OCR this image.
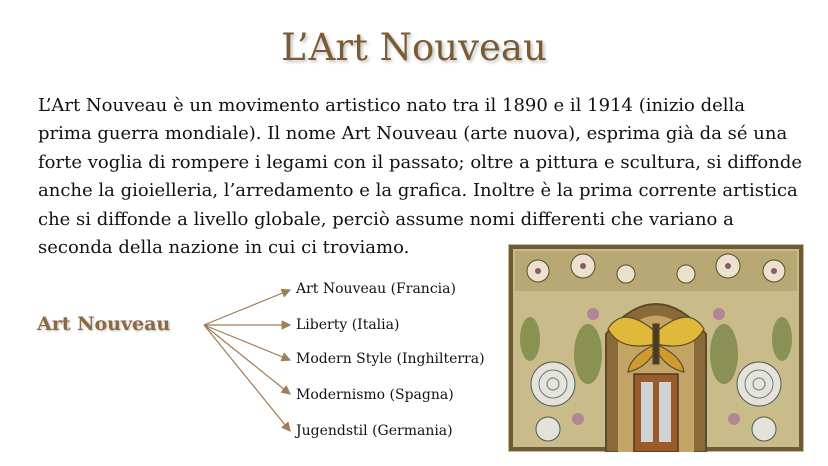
L’Art Nouveau
L’Art Nouveau è un movimento artistico nato tra il 1890 e il 1914 (inizio della
prima guerra mondiale). Il nome Art Nouveau (arte nuova), esprima già da sé una
forte voglia di rompere i legami con il passato; oltre a pittura e scultura, si diffonde
anche la gioielleria, l’arredamento e la grafica. Inoltre è la prima corrente artistica
che si diffonde a livello globale, perciò assume nomi differenti che variano a
seconda della nazione in cui ci troviamo.
Art Nouveau
Art Nouveau (Francia)
Liberty (Italia)
Modern Style (Inghilterra)
Modernismo (Spagna)
Jugendstil (Germania)
